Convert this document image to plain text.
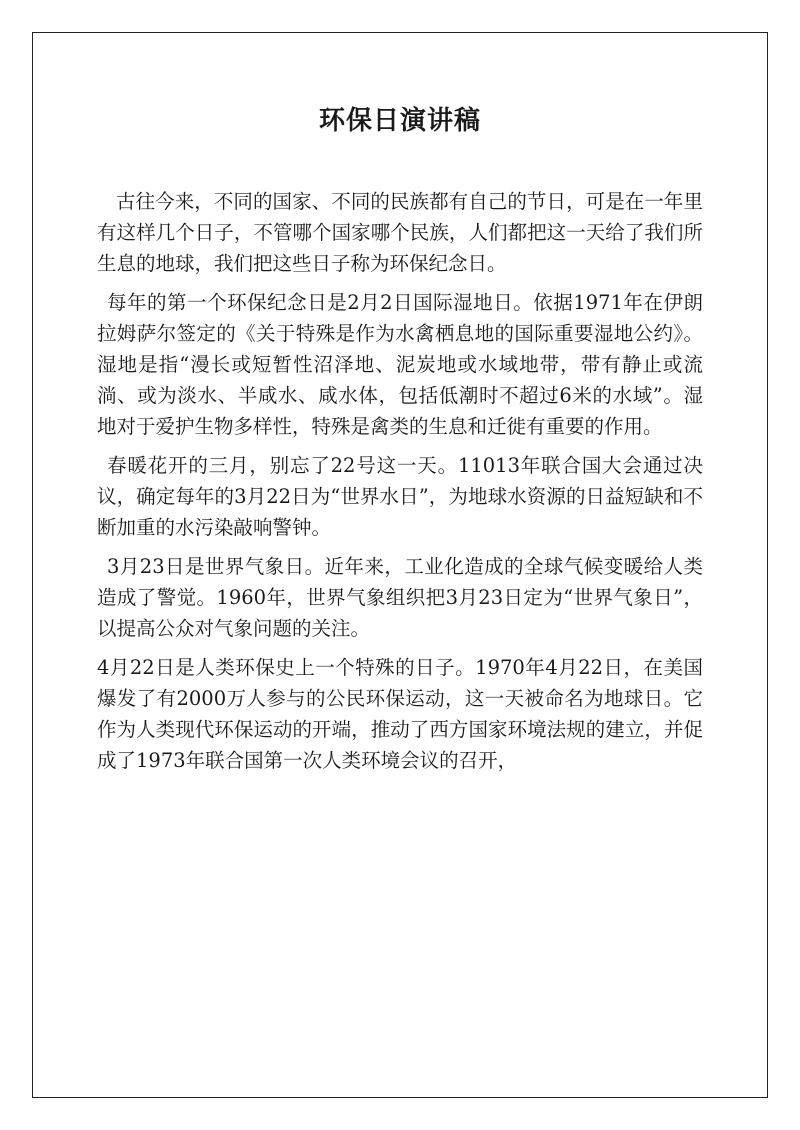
环保日演讲稿

古往今来，不同的国家、不同的民族都有自己的节日，可是在一年里有这样几个日子，不管哪个国家哪个民族，人们都把这一天给了我们所生息的地球，我们把这些日子称为环保纪念日。

每年的第一个环保纪念日是2月2日国际湿地日。依据1971年在伊朗拉姆萨尔签定的《关于特殊是作为水禽栖息地的国际重要湿地公约》。湿地是指“漫长或短暂性沼泽地、泥炭地或水域地带，带有静止或流淌、或为淡水、半咸水、咸水体，包括低潮时不超过6米的水域”。湿地对于爱护生物多样性，特殊是禽类的生息和迁徙有重要的作用。

春暖花开的三月，别忘了22号这一天。11013年联合国大会通过决议，确定每年的3月22日为“世界水日”，为地球水资源的日益短缺和不断加重的水污染敲响警钟。

3月23日是世界气象日。近年来，工业化造成的全球气候变暖给人类造成了警觉。1960年，世界气象组织把3月23日定为“世界气象日”，以提高公众对气象问题的关注。

4月22日是人类环保史上一个特殊的日子。1970年4月22日，在美国爆发了有2000万人参与的公民环保运动，这一天被命名为地球日。它作为人类现代环保运动的开端，推动了西方国家环境法规的建立，并促成了1973年联合国第一次人类环境会议的召开，
